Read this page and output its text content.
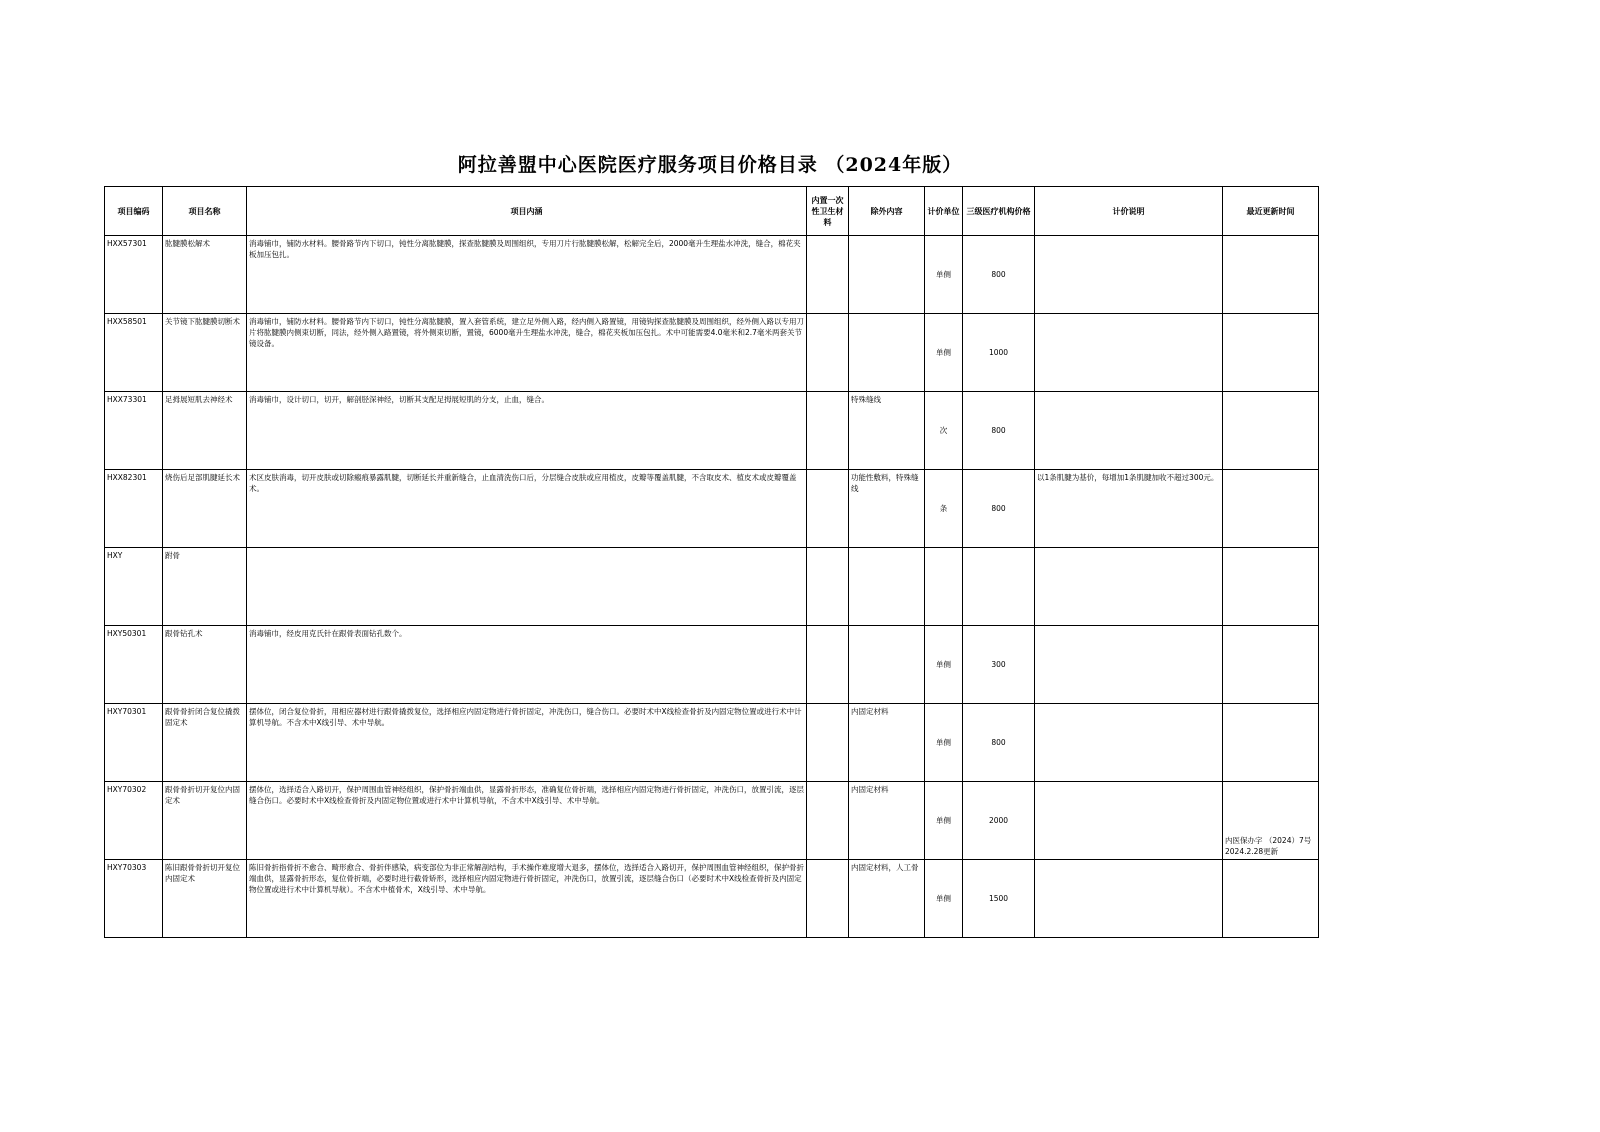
阿拉善盟中心医院医疗服务项目价格目录 （2024年版）
项目编码	项目名称	项目内涵	内置一次性卫生材料	除外内容	计价单位	三级医疗机构价格	计价说明	最近更新时间
HXX57301	肱腱膜松解术	消毒铺巾，铺防水材料。腰骨路节内下切口，钝性分离肱腱膜，探查肱腱膜及周围组织，专用刀片行肱腱膜松解，松解完全后，2000毫升生理盐水冲洗，缝合，棉花夹板加压包扎。			单侧	800		
HXX58501	关节镜下肱腱膜切断术	消毒铺巾，铺防水材料。腰骨路节内下切口，钝性分离肱腱膜，置入套管系统，建立足外侧入路，经内侧入路置镜，用镜钩探查肱腱膜及周围组织，经外侧入路以专用刀片将肱腱膜内侧束切断，同法，经外侧入路置镜，将外侧束切断，置镜，6000毫升生理盐水冲洗，缝合，棉花夹板加压包扎。术中可能需要4.0毫米和2.7毫米两套关节镜设备。			单侧	1000		
HXX73301	足拇展短肌去神经术	消毒铺巾，设计切口，切开，解剖胫深神经，切断其支配足拇展短肌的分支，止血，缝合。		特殊缝线	次	800		
HXX82301	烧伤后足部肌腱延长术	术区皮肤消毒，切开皮肤或切除瘢痕暴露肌腱，切断延长并重新缝合，止血清洗伤口后，分层缝合皮肤或应用植皮，皮瓣等覆盖肌腱，不含取皮术、植皮术或皮瓣覆盖术。		功能性敷料，特殊缝线	条	800	以1条肌腱为基价，每增加1条肌腱加收不超过300元。	
HXY	跗骨							
HXY50301	跟骨钻孔术	消毒铺巾，经皮用克氏针在跟骨表面钻孔数个。			单侧	300		
HXY70301	跟骨骨折闭合复位撬拨固定术	摆体位，闭合复位骨折，用相应器材进行跟骨撬拨复位，选择相应内固定物进行骨折固定，冲洗伤口，缝合伤口。必要时术中X线检查骨折及内固定物位置或进行术中计算机导航。不含术中X线引导、术中导航。		内固定材料	单侧	800		
HXY70302	跟骨骨折切开复位内固定术	摆体位，选择适合入路切开，保护周围血管神经组织，保护骨折端血供，显露骨折形态，准确复位骨折端，选择相应内固定物进行骨折固定，冲洗伤口，放置引流，逐层缝合伤口。必要时术中X线检查骨折及内固定物位置或进行术中计算机导航，不含术中X线引导、术中导航。		内固定材料	单侧	2000		内医保办字 （2024）7号 2024.2.28更新
HXY70303	陈旧跟骨骨折切开复位内固定术	陈旧骨折指骨折不愈合、畸形愈合、骨折伴感染，病变部位为非正常解剖结构，手术操作难度增大退多，摆体位，选择适合入路切开，保护周围血管神经组织，保护骨折端血供，显露骨折形态，复位骨折端，必要时进行截骨矫形，选择相应内固定物进行骨折固定，冲洗伤口，放置引流，逐层缝合伤口（必要时术中X线检查骨折及内固定物位置或进行术中计算机导航）。不含术中植骨术，X线引导、术中导航。		内固定材料，人工骨	单侧	1500		
